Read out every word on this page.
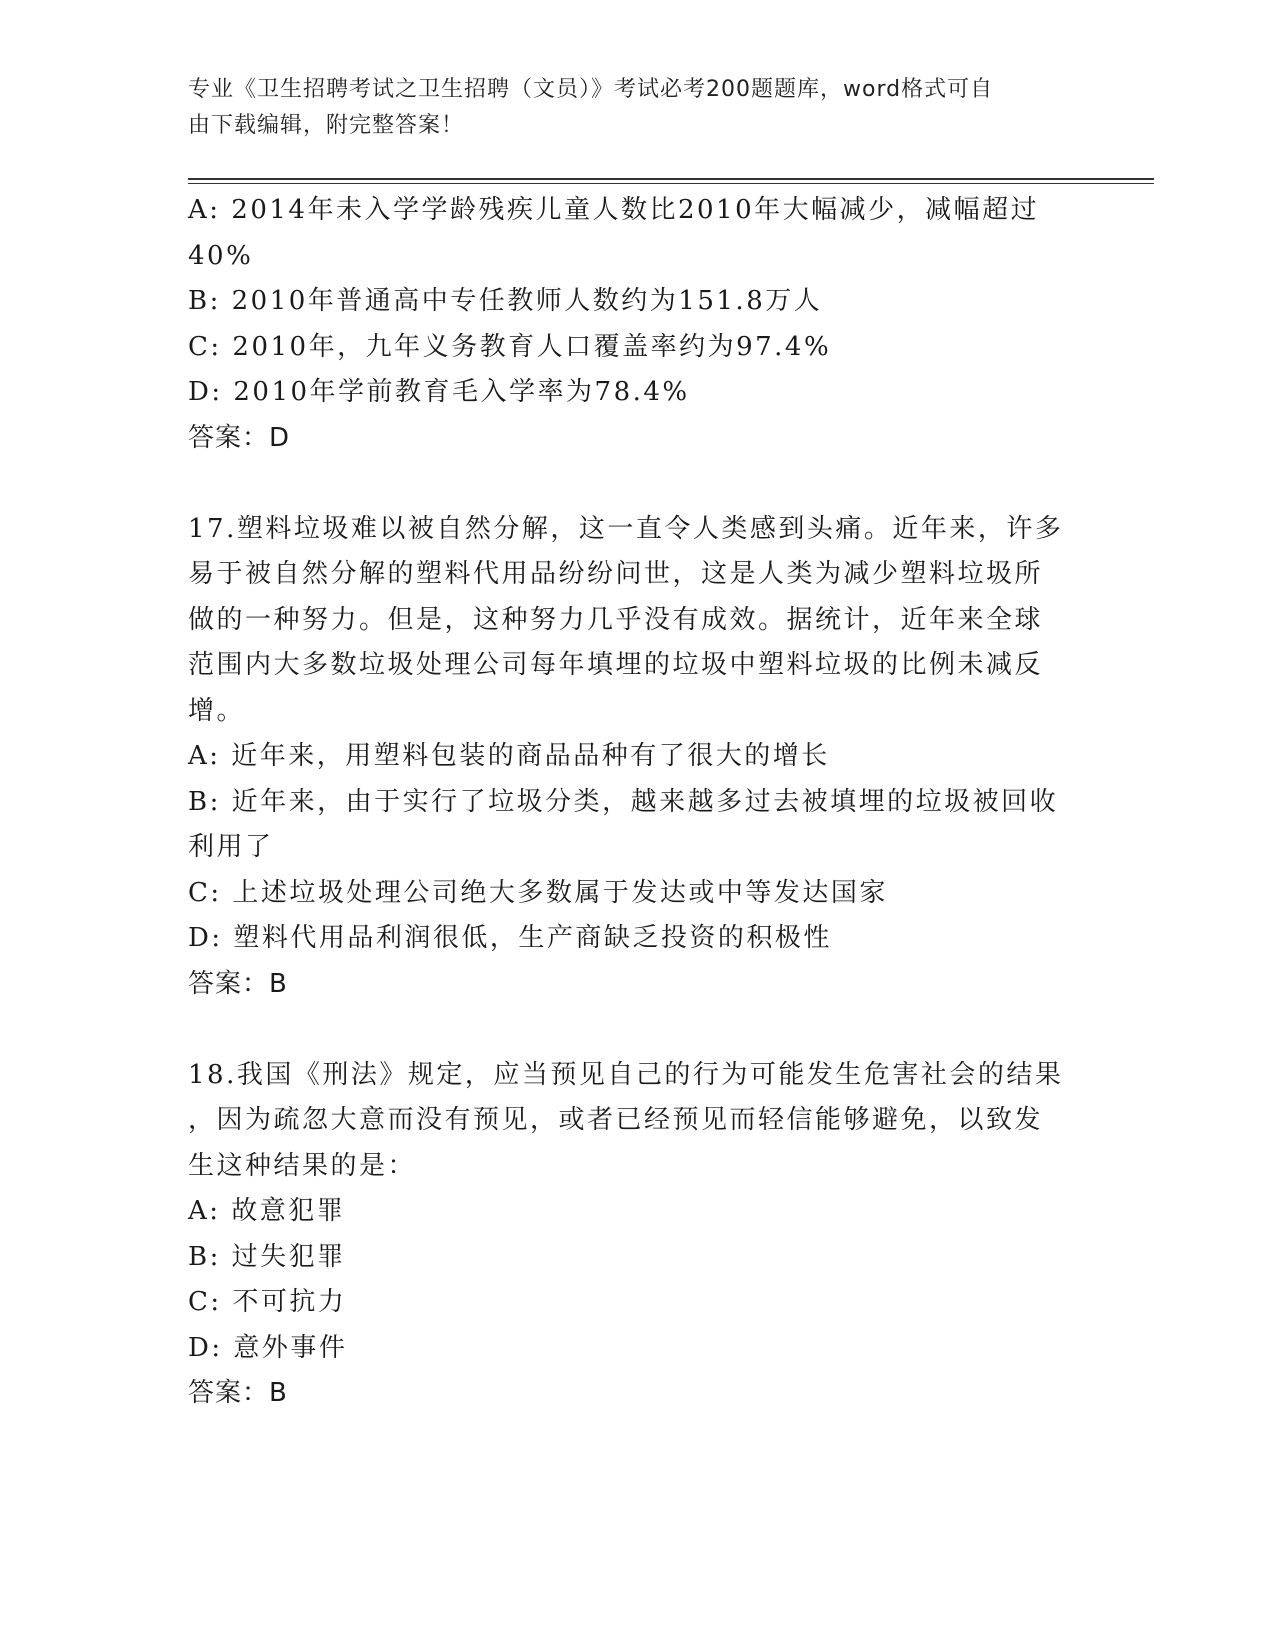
专业《卫生招聘考试之卫生招聘（文员）》考试必考200题题库，word格式可自
由下载编辑，附完整答案！
A: 2014年未入学学龄残疾儿童人数比2010年大幅减少，减幅超过
40%
B: 2010年普通高中专任教师人数约为151.8万人
C: 2010年，九年义务教育人口覆盖率约为97.4%
D: 2010年学前教育毛入学率为78.4%
答案：D
17.塑料垃圾难以被自然分解，这一直令人类感到头痛。近年来，许多
易于被自然分解的塑料代用品纷纷问世，这是人类为减少塑料垃圾所
做的一种努力。但是，这种努力几乎没有成效。据统计，近年来全球
范围内大多数垃圾处理公司每年填埋的垃圾中塑料垃圾的比例未减反
增。
A: 近年来，用塑料包装的商品品种有了很大的增长
B: 近年来，由于实行了垃圾分类，越来越多过去被填埋的垃圾被回收
利用了
C: 上述垃圾处理公司绝大多数属于发达或中等发达国家
D: 塑料代用品利润很低，生产商缺乏投资的积极性
答案：B
18.我国《刑法》规定，应当预见自己的行为可能发生危害社会的结果
，因为疏忽大意而没有预见，或者已经预见而轻信能够避免，以致发
生这种结果的是：
A: 故意犯罪
B: 过失犯罪
C: 不可抗力
D: 意外事件
答案：B
